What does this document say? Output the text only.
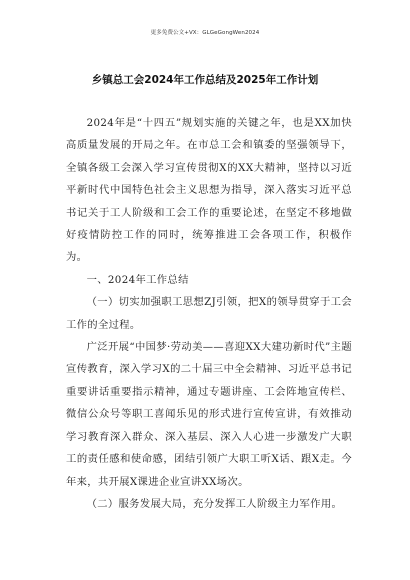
更多免费公文+VX：GLGeGongWen2024
乡镇总工会2024年工作总结及2025年工作计划

2024年是“十四五”规划实施的关键之年，也是XX加快高质量发展的开局之年。在市总工会和镇委的坚强领导下，全镇各级工会深入学习宣传贯彻X的XX大精神，坚持以习近平新时代中国特色社会主义思想为指导，深入落实习近平总书记关于工人阶级和工会工作的重要论述，在坚定不移地做好疫情防控工作的同时，统筹推进工会各项工作，积极作为。

一、2024年工作总结

（一）切实加强职工思想ZJ引领，把X的领导贯穿于工会工作的全过程。

广泛开展“中国梦·劳动美——喜迎XX大建功新时代”主题宣传教育，深入学习X的二十届三中全会精神、习近平总书记重要讲话重要指示精神，通过专题讲座、工会阵地宣传栏、微信公众号等职工喜闻乐见的形式进行宣传宣讲，有效推动学习教育深入群众、深入基层、深入人心进一步激发广大职工的责任感和使命感，团结引领广大职工听X话、跟X走。今年来，共开展X课进企业宣讲XX场次。

（二）服务发展大局，充分发挥工人阶级主力军作用。
